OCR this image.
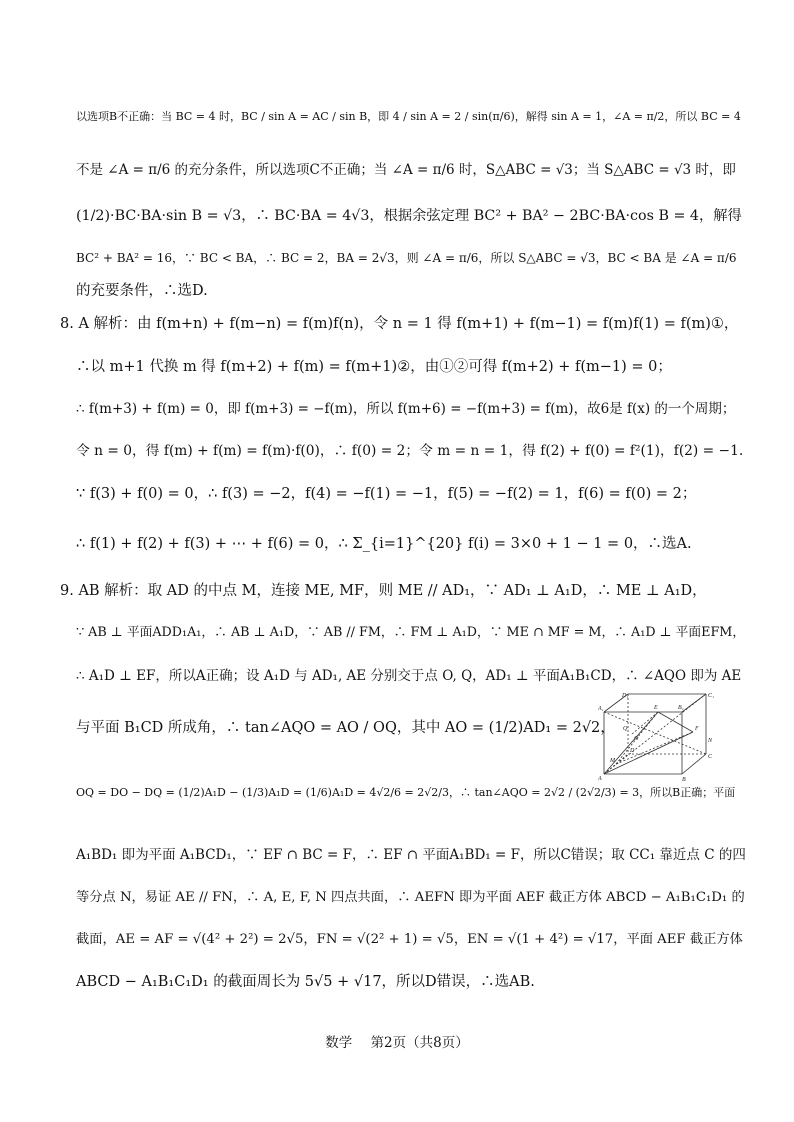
以选项B不正确：当 BC = 4 时，BC / sin A = AC / sin B，即 4 / sin A = 2 / sin(π/6)，解得 sin A = 1，∠A = π/2，所以 BC = 4
不是 ∠A = π/6 的充分条件，所以选项C不正确；当 ∠A = π/6 时，S△ABC = √3；当 S△ABC = √3 时，即
(1/2)·BC·BA·sin B = √3，∴ BC·BA = 4√3，根据余弦定理 BC² + BA² − 2BC·BA·cos B = 4，解得
BC² + BA² = 16，∵ BC < BA，∴ BC = 2，BA = 2√3，则 ∠A = π/6，所以 S△ABC = √3，BC < BA 是 ∠A = π/6
的充要条件，∴选D.
8. A 解析：由 f(m+n) + f(m−n) = f(m)f(n)，令 n = 1 得 f(m+1) + f(m−1) = f(m)f(1) = f(m)①，
∴以 m+1 代换 m 得 f(m+2) + f(m) = f(m+1)②，由①②可得 f(m+2) + f(m−1) = 0；
∴ f(m+3) + f(m) = 0，即 f(m+3) = −f(m)，所以 f(m+6) = −f(m+3) = f(m)，故6是 f(x) 的一个周期；
令 n = 0，得 f(m) + f(m) = f(m)·f(0)，∴ f(0) = 2；令 m = n = 1，得 f(2) + f(0) = f²(1)，f(2) = −1.
∵ f(3) + f(0) = 0，∴ f(3) = −2，f(4) = −f(1) = −1，f(5) = −f(2) = 1，f(6) = f(0) = 2；
∴ f(1) + f(2) + f(3) + ⋯ + f(6) = 0，∴ Σ_{i=1}^{20} f(i) = 3×0 + 1 − 1 = 0，∴选A.
9. AB 解析：取 AD 的中点 M，连接 ME, MF，则 ME // AD₁，∵ AD₁ ⊥ A₁D，∴ ME ⊥ A₁D，
∵ AB ⊥ 平面ADD₁A₁，∴ AB ⊥ A₁D，∵ AB // FM，∴ FM ⊥ A₁D，∵ ME ∩ MF = M，∴ A₁D ⊥ 平面EFM，
∴ A₁D ⊥ EF，所以A正确；设 A₁D 与 AD₁, AE 分别交于点 O, Q，AD₁ ⊥ 平面A₁B₁CD，∴ ∠AQO 即为 AE
与平面 B₁CD 所成角，∴ tan∠AQO = AO / OQ，其中 AO = (1/2)AD₁ = 2√2，
OQ = DO − DQ = (1/2)A₁D − (1/3)A₁D = (1/6)A₁D = 4√2/6 = 2√2/3，∴ tan∠AQO = 2√2 / (2√2/3) = 3，所以B正确；平面
A₁BD₁ 即为平面 A₁BCD₁，∵ EF ∩ BC = F，∴ EF ∩ 平面A₁BD₁ = F，所以C错误；取 CC₁ 靠近点 C 的四
等分点 N，易证 AE // FN，∴ A, E, F, N 四点共面，∴ AEFN 即为平面 AEF 截正方体 ABCD − A₁B₁C₁D₁ 的
截面，AE = AF = √(4² + 2²) = 2√5，FN = √(2² + 1) = √5，EN = √(1 + 4²) = √17，平面 AEF 截正方体
ABCD − A₁B₁C₁D₁ 的截面周长为 5√5 + √17，所以D错误，∴选AB.
A₁	B₁
C₁
D₁
A	B
C
D
E
F
N
O
Q
M
数学 第2页（共8页）
